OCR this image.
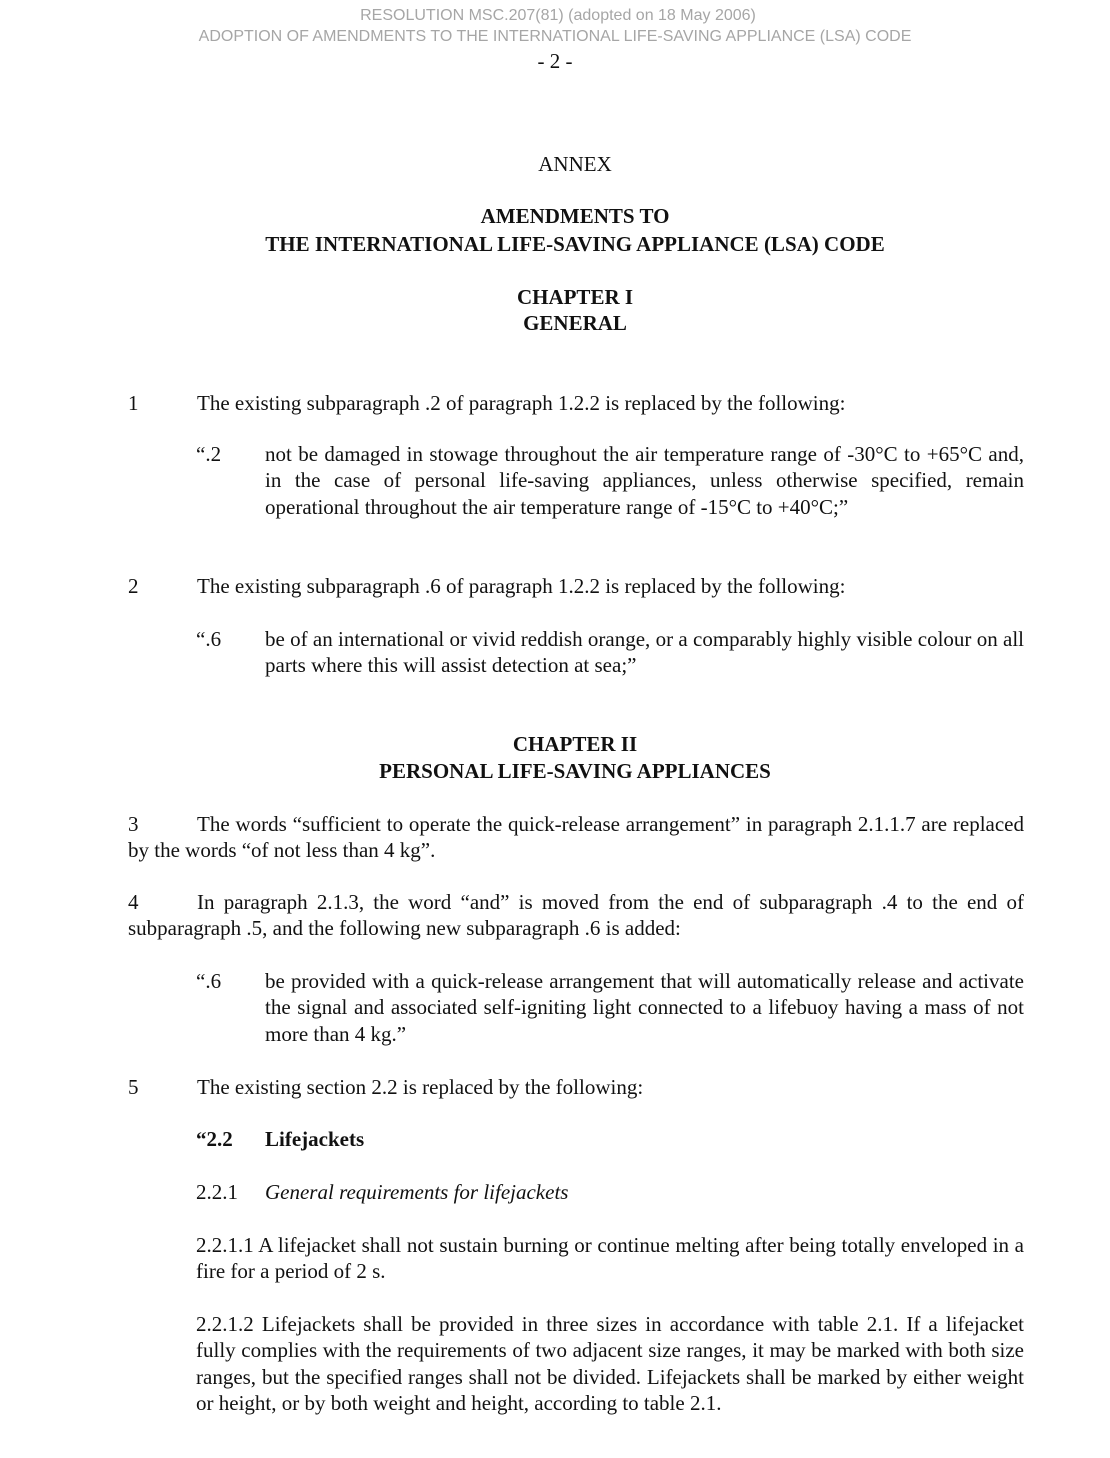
RESOLUTION MSC.207(81) (adopted on 18 May 2006)
ADOPTION OF AMENDMENTS TO THE INTERNATIONAL LIFE-SAVING APPLIANCE (LSA) CODE
- 2 -
ANNEX
AMENDMENTS TO
THE INTERNATIONAL LIFE-SAVING APPLIANCE (LSA) CODE
CHAPTER I
GENERAL
1	The existing subparagraph .2 of paragraph 1.2.2 is replaced by the following:
“.2 not be damaged in stowage throughout the air temperature range of -30°C to +65°C and, in the case of personal life-saving appliances, unless otherwise specified, remain operational throughout the air temperature range of -15°C to +40°C;”
2	The existing subparagraph .6 of paragraph 1.2.2 is replaced by the following:
“.6 be of an international or vivid reddish orange, or a comparably highly visible colour on all parts where this will assist detection at sea;”
CHAPTER II
PERSONAL LIFE-SAVING APPLIANCES
3	The words “sufficient to operate the quick-release arrangement” in paragraph 2.1.1.7 are replaced by the words “of not less than 4 kg”.
4	In paragraph 2.1.3, the word “and” is moved from the end of subparagraph .4 to the end of subparagraph .5, and the following new subparagraph .6 is added:
“.6 be provided with a quick-release arrangement that will automatically release and activate the signal and associated self-igniting light connected to a lifebuoy having a mass of not more than 4 kg.”
5	The existing section 2.2 is replaced by the following:
“2.2 Lifejackets
2.2.1 General requirements for lifejackets
2.2.1.1 A lifejacket shall not sustain burning or continue melting after being totally enveloped in a fire for a period of 2 s.
2.2.1.2 Lifejackets shall be provided in three sizes in accordance with table 2.1. If a lifejacket fully complies with the requirements of two adjacent size ranges, it may be marked with both size ranges, but the specified ranges shall not be divided. Lifejackets shall be marked by either weight or height, or by both weight and height, according to table 2.1.
